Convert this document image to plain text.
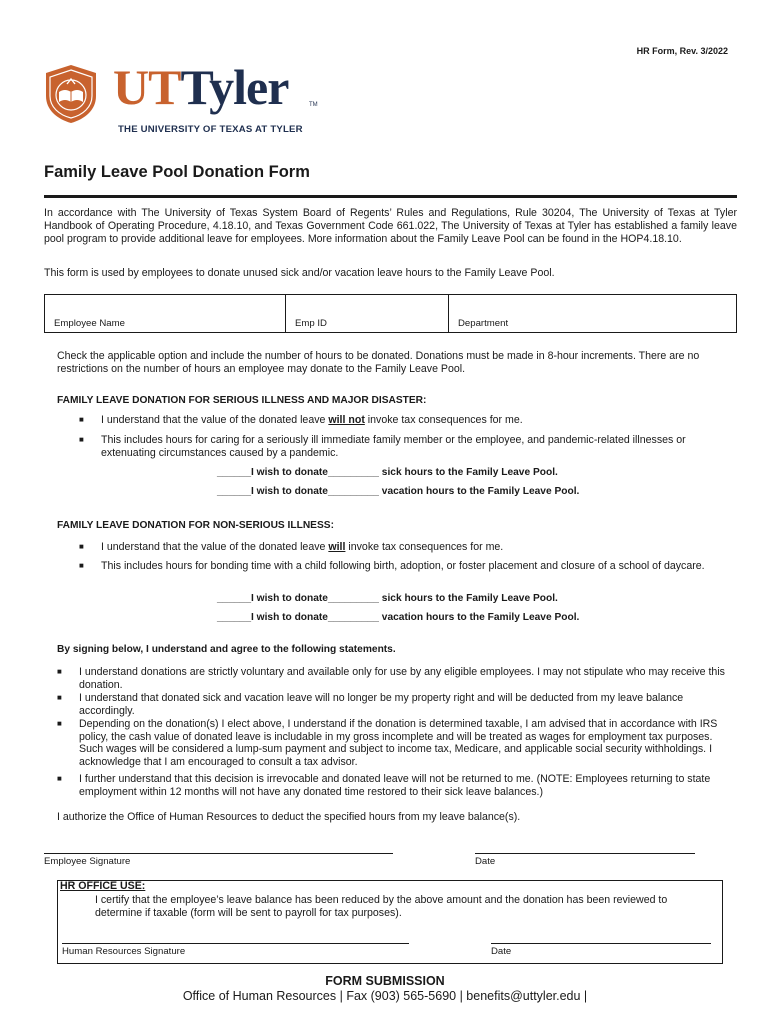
HR Form, Rev. 3/2022
UTTyler	TM
THE UNIVERSITY OF TEXAS AT TYLER
Family Leave Pool Donation Form
In accordance with The University of Texas System Board of Regents’ Rules and Regulations, Rule 30204, The University of Texas at Tyler Handbook of Operating Procedure, 4.18.10, and Texas Government Code 661.022, The University of Texas at Tyler has established a family leave pool program to provide additional leave for employees. More information about the Family Leave Pool can be found in the HOP4.18.10.
This form is used by employees to donate unused sick and/or vacation leave hours to the Family Leave Pool.
Employee Name	Emp ID	Department
Check the applicable option and include the number of hours to be donated. Donations must be made in 8-hour increments. There are no restrictions on the number of hours an employee may donate to the Family Leave Pool.
FAMILY LEAVE DONATION FOR SERIOUS ILLNESS AND MAJOR DISASTER:
■	I understand that the value of the donated leave will not invoke tax consequences for me.
■	This includes hours for caring for a seriously ill immediate family member or the employee, and pandemic-related illnesses or extenuating circumstances caused by a pandemic.
______I wish to donate_________ sick hours to the Family Leave Pool.
______I wish to donate_________ vacation hours to the Family Leave Pool.
FAMILY LEAVE DONATION FOR NON-SERIOUS ILLNESS:
■	I understand that the value of the donated leave will invoke tax consequences for me.
■	This includes hours for bonding time with a child following birth, adoption, or foster placement and closure of a school of daycare.
______I wish to donate_________ sick hours to the Family Leave Pool.
______I wish to donate_________ vacation hours to the Family Leave Pool.
By signing below, I understand and agree to the following statements.
■	I understand donations are strictly voluntary and available only for use by any eligible employees. I may not stipulate who may receive this donation.
■	I understand that donated sick and vacation leave will no longer be my property right and will be deducted from my leave balance accordingly.
■	Depending on the donation(s) I elect above, I understand if the donation is determined taxable, I am advised that in accordance with IRS policy, the cash value of donated leave is includable in my gross incomplete and will be treated as wages for employment tax purposes. Such wages will be considered a lump-sum payment and subject to income tax, Medicare, and applicable social security withholdings. I acknowledge that I am encouraged to consult a tax advisor.
■	I further understand that this decision is irrevocable and donated leave will not be returned to me. (NOTE: Employees returning to state employment within 12 months will not have any donated time restored to their sick leave balances.)
I authorize the Office of Human Resources to deduct the specified hours from my leave balance(s).
Employee Signature	Date
HR OFFICE USE:
I certify that the employee’s leave balance has been reduced by the above amount and the donation has been reviewed to determine if taxable (form will be sent to payroll for tax purposes).
Human Resources Signature	Date
FORM SUBMISSION
Office of Human Resources | Fax (903) 565-5690 | benefits@uttyler.edu |
